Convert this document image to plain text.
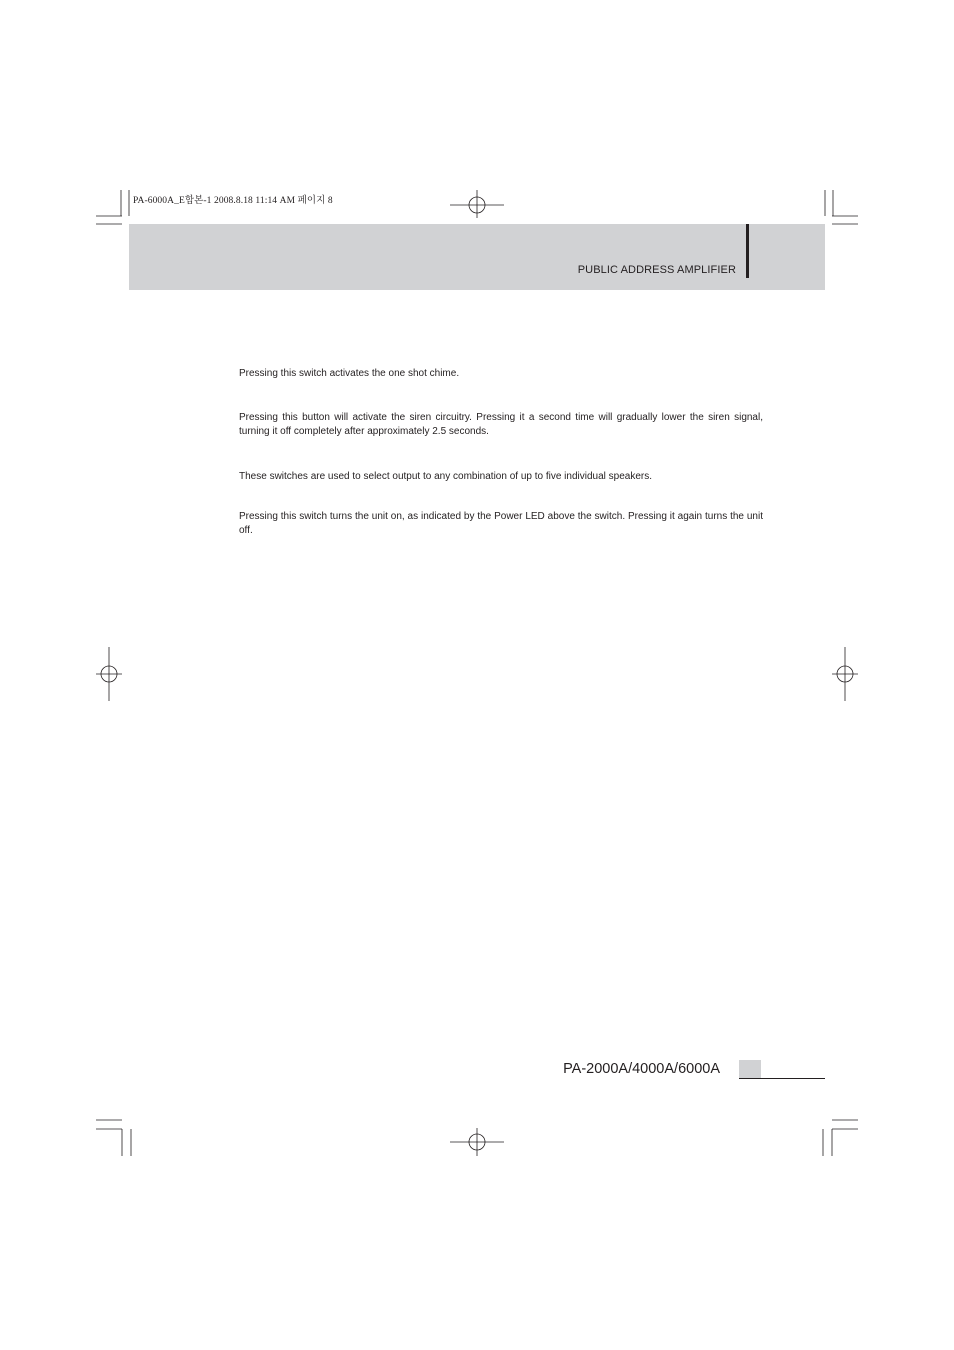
PA-6000A_E합본-1 2008.8.18 11:14 AM 페이지 8
PUBLIC ADDRESS AMPLIFIER
Pressing this switch activates the one shot chime.
Pressing this button will activate the siren circuitry. Pressing it a second time will gradually lower the siren signal, turning it off completely after approximately 2.5 seconds.
These switches are used to select output to any combination of up to five individual speakers.
Pressing this switch turns the unit on, as indicated by the Power LED above the switch. Pressing it again turns the unit off.
PA-2000A/4000A/6000A
